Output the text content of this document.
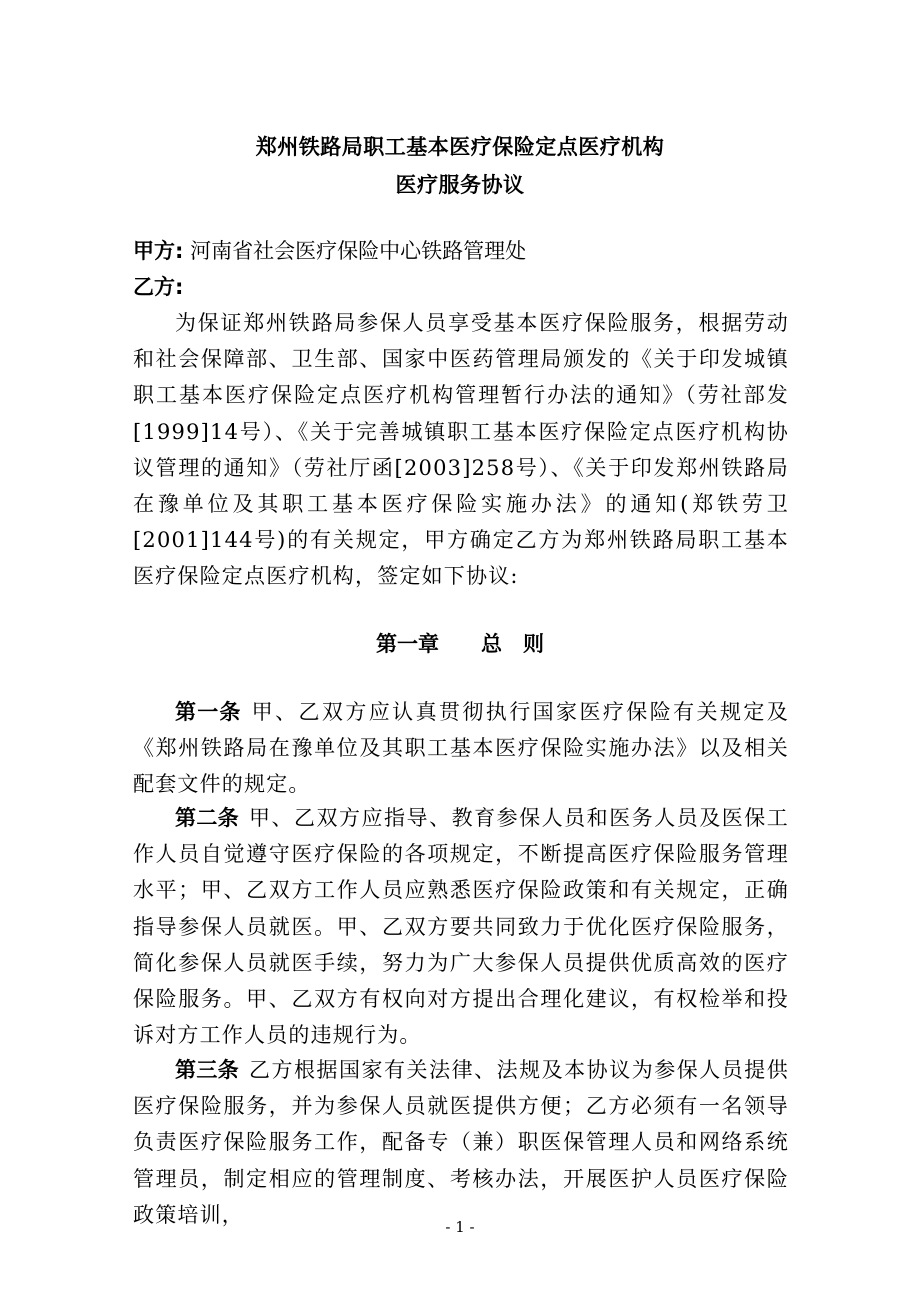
郑州铁路局职工基本医疗保险定点医疗机构
医疗服务协议
甲方: 河南省社会医疗保险中心铁路管理处
乙方:

为保证郑州铁路局参保人员享受基本医疗保险服务，根据劳动和社会保障部、卫生部、国家中医药管理局颁发的《关于印发城镇职工基本医疗保险定点医疗机构管理暂行办法的通知》（劳社部发[1999]14号）、《关于完善城镇职工基本医疗保险定点医疗机构协议管理的通知》（劳社厅函[2003]258号）、《关于印发郑州铁路局在豫单位及其职工基本医疗保险实施办法》的通知(郑铁劳卫[2001]144号)的有关规定，甲方确定乙方为郑州铁路局职工基本医疗保险定点医疗机构，签定如下协议:

第一章　　总　则

第一条 甲、乙双方应认真贯彻执行国家医疗保险有关规定及《郑州铁路局在豫单位及其职工基本医疗保险实施办法》以及相关配套文件的规定。

第二条 甲、乙双方应指导、教育参保人员和医务人员及医保工作人员自觉遵守医疗保险的各项规定，不断提高医疗保险服务管理水平；甲、乙双方工作人员应熟悉医疗保险政策和有关规定，正确指导参保人员就医。甲、乙双方要共同致力于优化医疗保险服务，简化参保人员就医手续，努力为广大参保人员提供优质高效的医疗保险服务。甲、乙双方有权向对方提出合理化建议，有权检举和投诉对方工作人员的违规行为。

第三条 乙方根据国家有关法律、法规及本协议为参保人员提供医疗保险服务，并为参保人员就医提供方便；乙方必须有一名领导负责医疗保险服务工作，配备专（兼）职医保管理人员和网络系统管理员，制定相应的管理制度、考核办法，开展医护人员医疗保险政策培训，

- 1 -
